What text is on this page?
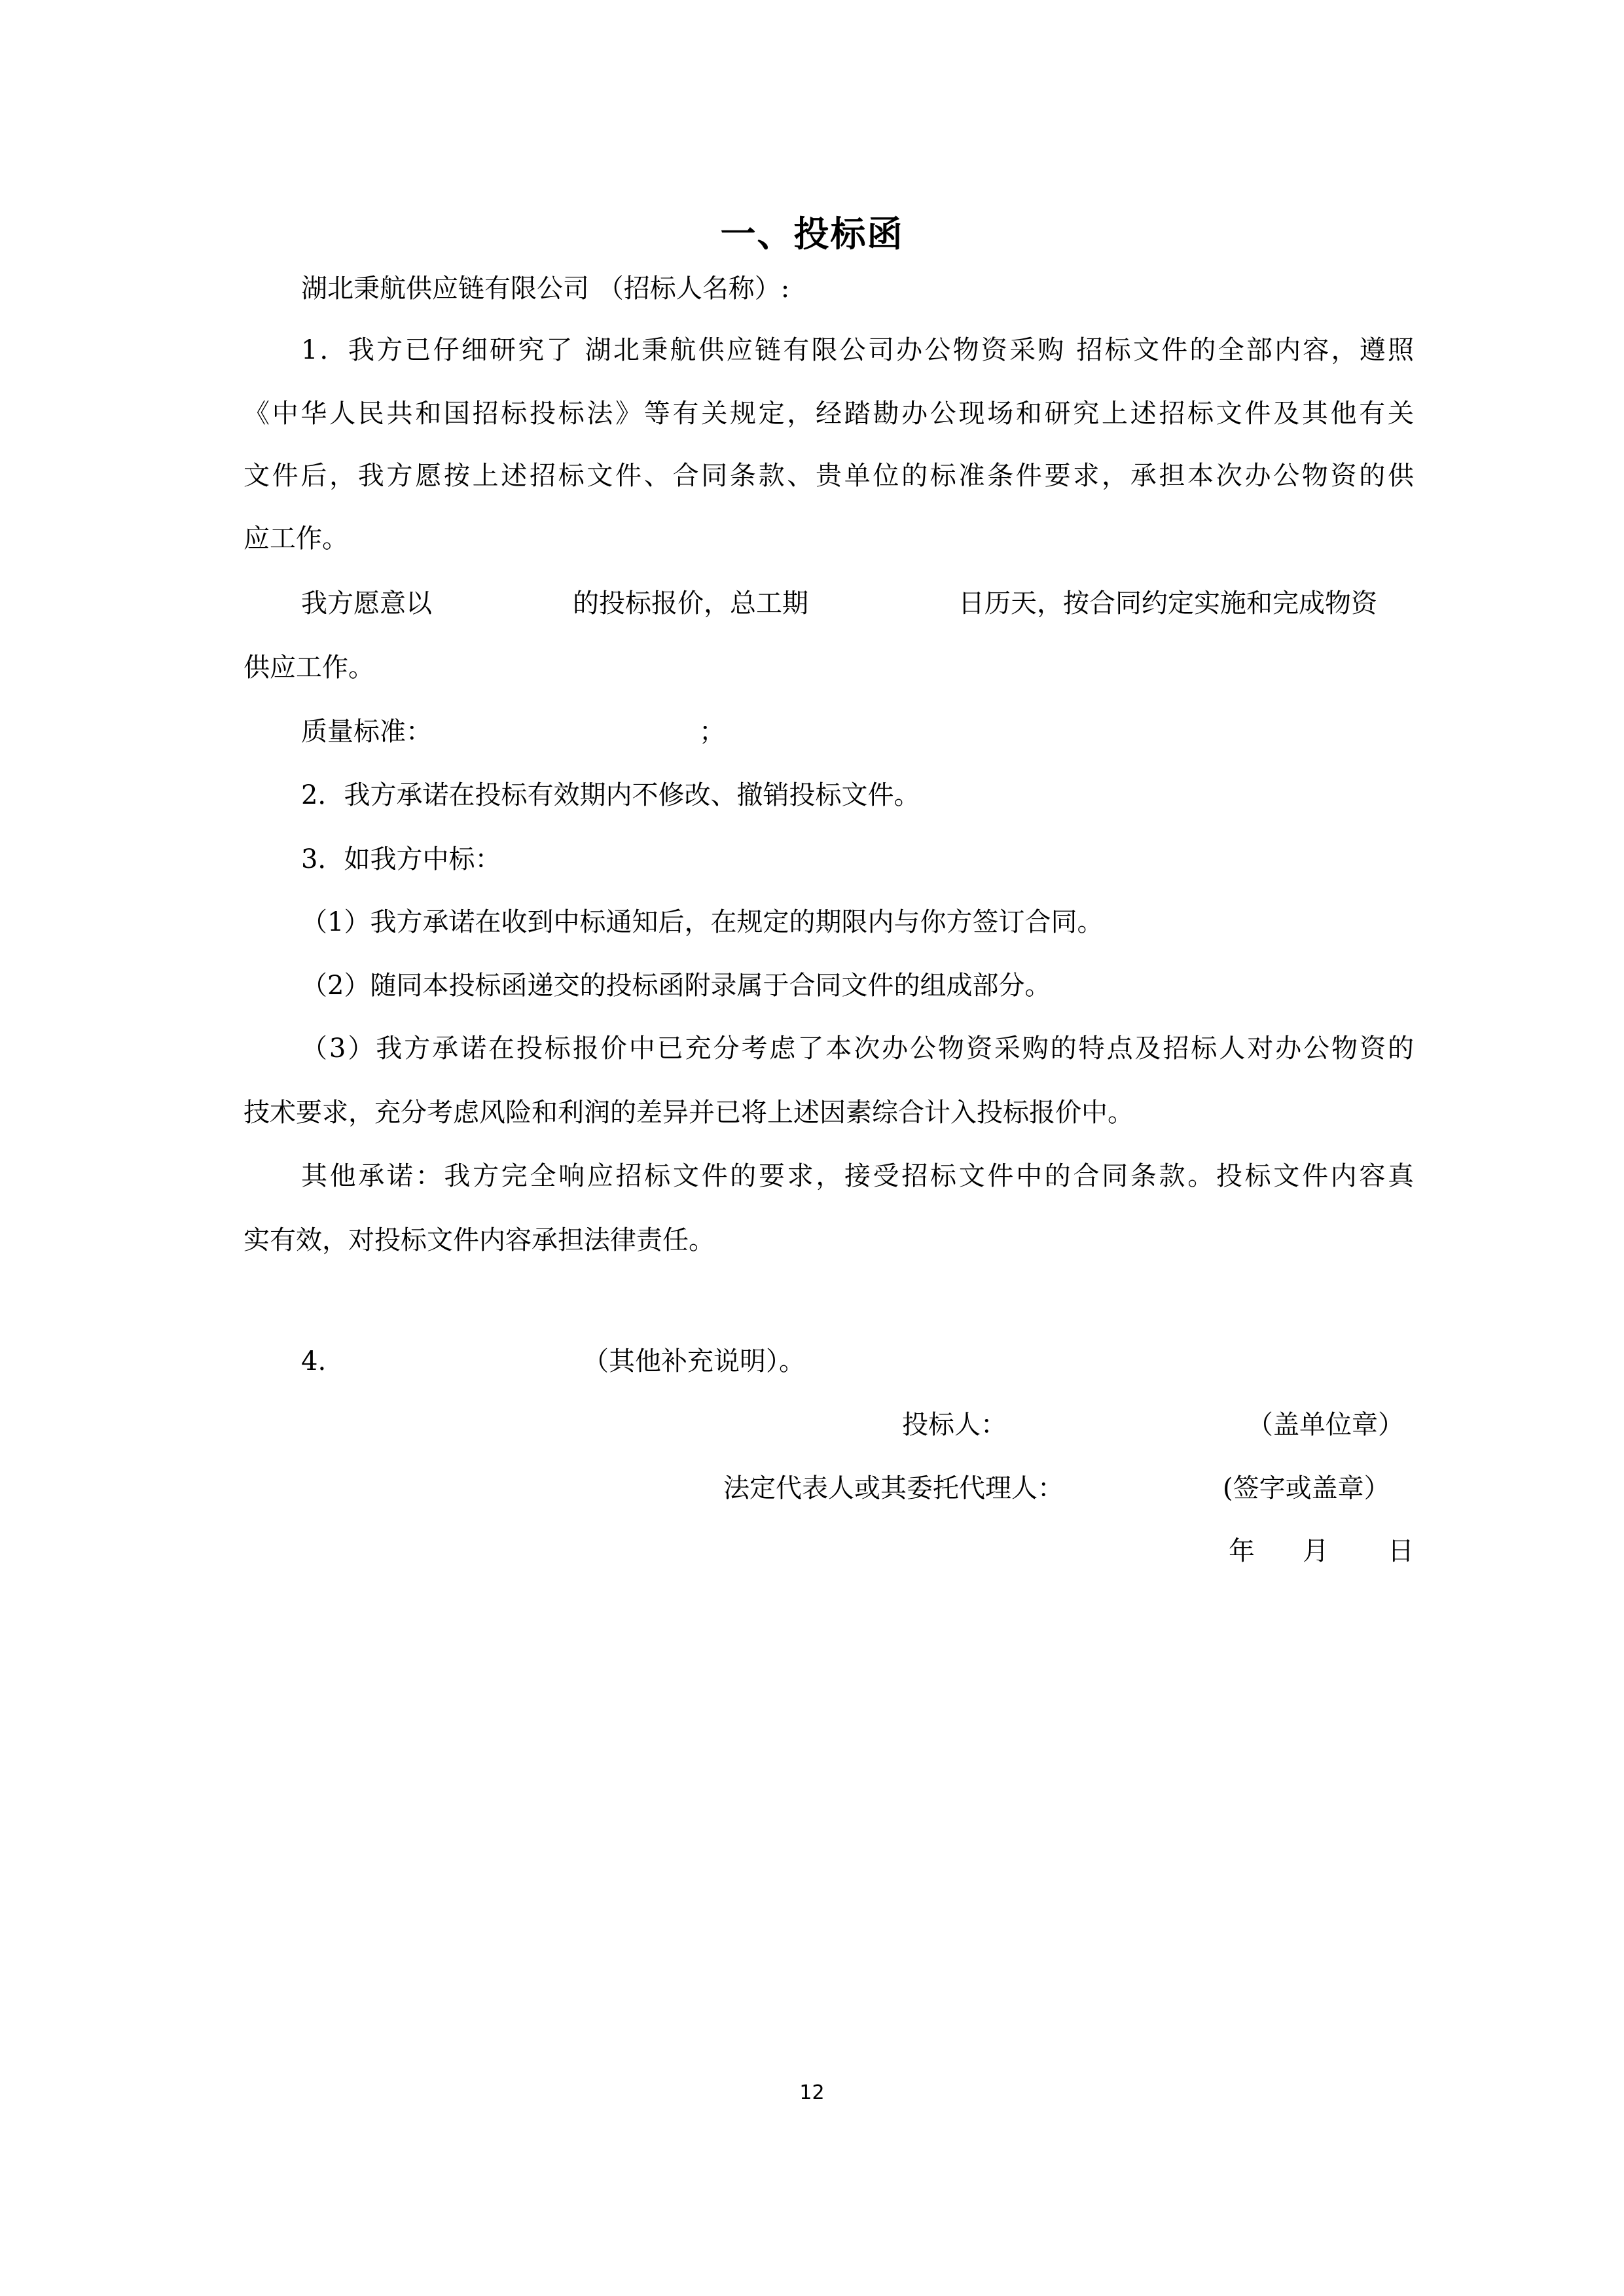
一、投标函
湖北秉航供应链有限公司 （招标人名称）:
1．我方已仔细研究了 湖北秉航供应链有限公司办公物资采购 招标文件的全部内容，遵照
《中华人民共和国招标投标法》等有关规定，经踏勘办公现场和研究上述招标文件及其他有关
文件后，我方愿按上述招标文件、合同条款、贵单位的标准条件要求，承担本次办公物资的供
应工作。
我方愿意以	的投标报价，总工期	日历天，按合同约定实施和完成物资
供应工作。
质量标准：	；
2．我方承诺在投标有效期内不修改、撤销投标文件。
3．如我方中标：
（1）我方承诺在收到中标通知后，在规定的期限内与你方签订合同。
（2）随同本投标函递交的投标函附录属于合同文件的组成部分。
（3）我方承诺在投标报价中已充分考虑了本次办公物资采购的特点及招标人对办公物资的
技术要求，充分考虑风险和利润的差异并已将上述因素综合计入投标报价中。
其他承诺：我方完全响应招标文件的要求，接受招标文件中的合同条款。投标文件内容真
实有效，对投标文件内容承担法律责任。
4.	（其他补充说明）。
投标人：	（盖单位章）
法定代表人或其委托代理人：	(签字或盖章）
年 月 日
12
